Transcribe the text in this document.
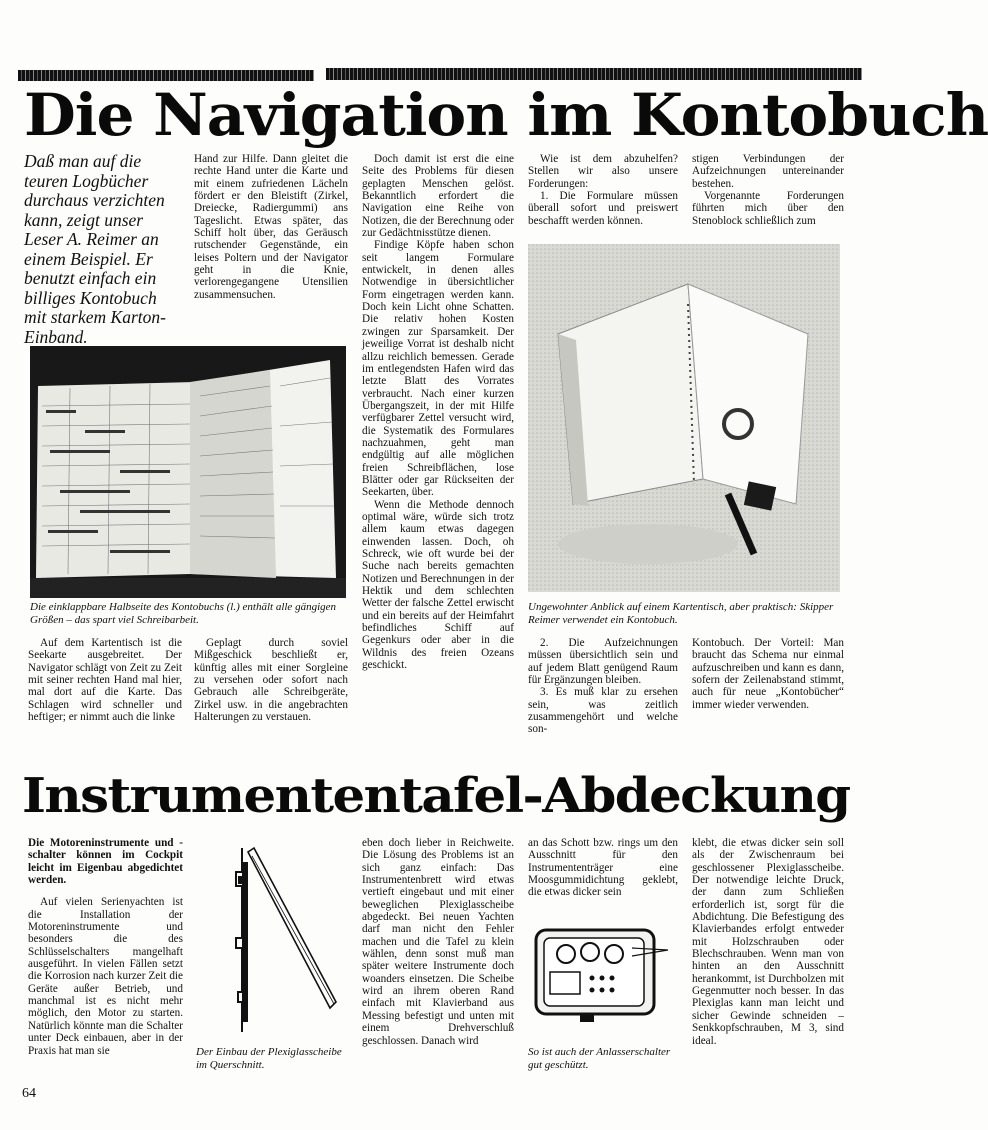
Die Navigation im Kontobuch
Daß man auf die teuren Logbücher durchaus verzichten kann, zeigt unser Leser A. Reimer an einem Beispiel. Er benutzt einfach ein billiges Kontobuch mit starkem Karton-Einband.

Hand zur Hilfe. Dann gleitet die rechte Hand unter die Karte und mit einem zufriedenen Lächeln fördert er den Bleistift (Zirkel, Dreiecke, Radiergummi) ans Tageslicht. Etwas später, das Schiff holt über, das Geräusch rutschender Gegenstände, ein leises Poltern und der Navigator geht in die Knie, verlorengegangene Utensilien zusammensuchen.

Doch damit ist erst die eine Seite des Problems für diesen geplagten Menschen gelöst. Bekanntlich erfordert die Navigation eine Reihe von Notizen, die der Berechnung oder zur Gedächtnisstütze dienen.

Findige Köpfe haben schon seit langem Formulare entwickelt, in denen alles Notwendige in übersichtlicher Form eingetragen werden kann. Doch kein Licht ohne Schatten. Die relativ hohen Kosten zwingen zur Sparsamkeit. Der jeweilige Vorrat ist deshalb nicht allzu reichlich bemessen. Gerade im entlegendsten Hafen wird das letzte Blatt des Vorrates verbraucht. Nach einer kurzen Übergangszeit, in der mit Hilfe verfügbarer Zettel versucht wird, die Systematik des Formulares nachzuahmen, geht man endgültig auf alle möglichen freien Schreibflächen, lose Blätter oder gar Rückseiten der Seekarten, über.

Wenn die Methode dennoch optimal wäre, würde sich trotz allem kaum etwas dagegen einwenden lassen. Doch, oh Schreck, wie oft wurde bei der Suche nach bereits gemachten Notizen und Berechnungen in der Hektik und dem schlechten Wetter der falsche Zettel erwischt und ein bereits auf der Heimfahrt befindliches Schiff auf Gegenkurs oder aber in die Wildnis des freien Ozeans geschickt.

Wie ist dem abzuhelfen? Stellen wir also unsere Forderungen:

1. Die Formulare müssen überall sofort und preiswert beschafft werden können.

stigen Verbindungen der Aufzeichnungen untereinander bestehen.

Vorgenannte Forderungen führten mich über den Stenoblock schließlich zum

Die einklappbare Halbseite des Kontobuchs (l.) enthält alle gängigen Größen – das spart viel Schreibarbeit.
Ungewohnter Anblick auf einem Kartentisch, aber praktisch: Skipper Reimer verwendet ein Kontobuch.

Auf dem Kartentisch ist die Seekarte ausgebreitet. Der Navigator schlägt von Zeit zu Zeit mit seiner rechten Hand mal hier, mal dort auf die Karte. Das Schlagen wird schneller und heftiger; er nimmt auch die linke

Geplagt durch soviel Mißgeschick beschließt er, künftig alles mit einer Sorgleine zu versehen oder sofort nach Gebrauch alle Schreibgeräte, Zirkel usw. in die angebrachten Halterungen zu verstauen.

2. Die Aufzeichnungen müssen übersichtlich sein und auf jedem Blatt genügend Raum für Ergänzungen bleiben.

3. Es muß klar zu ersehen sein, was zeitlich zusammengehört und welche son-

Kontobuch. Der Vorteil: Man braucht das Schema nur einmal aufzuschreiben und kann es dann, sofern der Zeilenabstand stimmt, auch für neue „Kontobücher“ immer wieder verwenden.

Instrumententafel-Abdeckung

Die Motoreninstrumente und -schalter können im Cockpit leicht im Eigenbau abgedichtet werden.

Auf vielen Serienyachten ist die Installation der Motoreninstrumente und besonders die des Schlüsselschalters mangelhaft ausgeführt. In vielen Fällen setzt die Korrosion nach kurzer Zeit die Geräte außer Betrieb, und manchmal ist es nicht mehr möglich, den Motor zu starten. Natürlich könnte man die Schalter unter Deck einbauen, aber in der Praxis hat man sie	Der Einbau der Plexiglasscheibe im Querschnitt.

eben doch lieber in Reichweite. Die Lösung des Problems ist an sich ganz einfach: Das Instrumentenbrett wird etwas vertieft eingebaut und mit einer beweglichen Plexiglasscheibe abgedeckt. Bei neuen Yachten darf man nicht den Fehler machen und die Tafel zu klein wählen, denn sonst muß man später weitere Instrumente doch woanders einsetzen. Die Scheibe wird an ihrem oberen Rand einfach mit Klavierband aus Messing befestigt und unten mit einem Drehverschluß geschlossen. Danach wird

an das Schott bzw. rings um den Ausschnitt für den Instrumententräger eine Moosgummidichtung geklebt, die etwas dicker sein

So ist auch der Anlasserschalter gut geschützt.

klebt, die etwas dicker sein soll als der Zwischenraum bei geschlossener Plexiglasscheibe. Der notwendige leichte Druck, der dann zum Schließen erforderlich ist, sorgt für die Abdichtung. Die Befestigung des Klavierbandes erfolgt entweder mit Holzschrauben oder Blechschrauben. Wenn man von hinten an den Ausschnitt herankommt, ist Durchbolzen mit Gegenmutter noch besser. In das Plexiglas kann man leicht und sicher Gewinde schneiden – Senkkopfschrauben, M 3, sind ideal.

64
